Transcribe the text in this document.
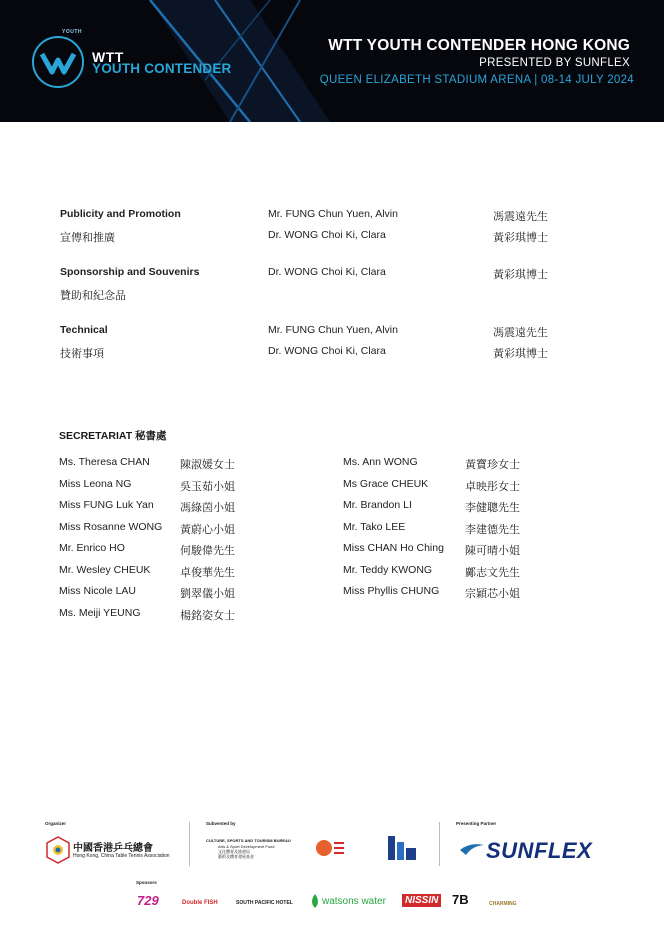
YOUTH
WTT
YOUTH CONTENDER
WTT YOUTH CONTENDER HONG KONG
PRESENTED BY SUNFLEX
QUEEN ELIZABETH STADIUM ARENA | 08-14 JULY 2024
Publicity and Promotion
宣傳和推廣
Mr. FUNG Chun Yuen, Alvin	馮震遠先生
Dr. WONG Choi Ki, Clara	黃彩琪博士
Sponsorship and Souvenirs
贊助和紀念品
Dr. WONG Choi Ki, Clara	黃彩琪博士
Technical
技術事項
Mr. FUNG Chun Yuen, Alvin	馮震遠先生
Dr. WONG Choi Ki, Clara	黃彩琪博士
SECRETARIAT 秘書處
Ms. Theresa CHAN	陳淑媛女士
Miss Leona NG	吳玉茹小姐
Miss FUNG Luk Yan 馮綠茵小姐
Miss Rosanne WONG 黃蔚心小姐
Mr. Enrico HO	何駿偉先生
Mr. Wesley CHEUK	卓俊華先生
Miss Nicole LAU	劉翠儀小姐
Ms. Meiji YEUNG	楊銘姿女士
Ms. Ann WONG	黃寶珍女士
Ms Grace CHEUK	卓映彤女士
Mr. Brandon LI	李健聰先生
Mr. Tako LEE	李建德先生
Miss CHAN Ho Ching 陳可晴小姐
Mr. Teddy KWONG	鄺志文先生
Miss Phyllis CHUNG 宗穎芯小姐
Organizer
中國香港乒乓總會
Hong Kong, China Table Tennis Association
Subvented by
CULTURE, SPORTS AND TOURISM BUREAU
Arts & Sport Development Fund
文化體育及旅遊局
藝術及體育發展基金
Presenting Partner
SUNFLEX
Sponsors
729	Double FISH	SOUTH PACIFIC HOTEL	watsons water	NISSIN 7B	CHARMING
